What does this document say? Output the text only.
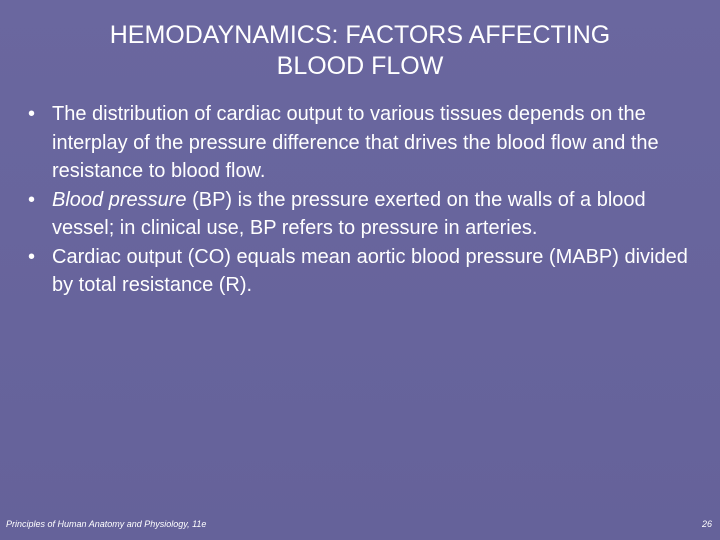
HEMODAYNAMICS: FACTORS AFFECTING
BLOOD FLOW
• The distribution of cardiac output to various tissues depends on the interplay of the pressure difference that drives the blood flow and the resistance to blood flow.
• Blood pressure (BP) is the pressure exerted on the walls of a blood vessel; in clinical use, BP refers to pressure in arteries.
• Cardiac output (CO) equals mean aortic blood pressure (MABP) divided by total resistance (R).
Principles of Human Anatomy and Physiology, 11e	26
